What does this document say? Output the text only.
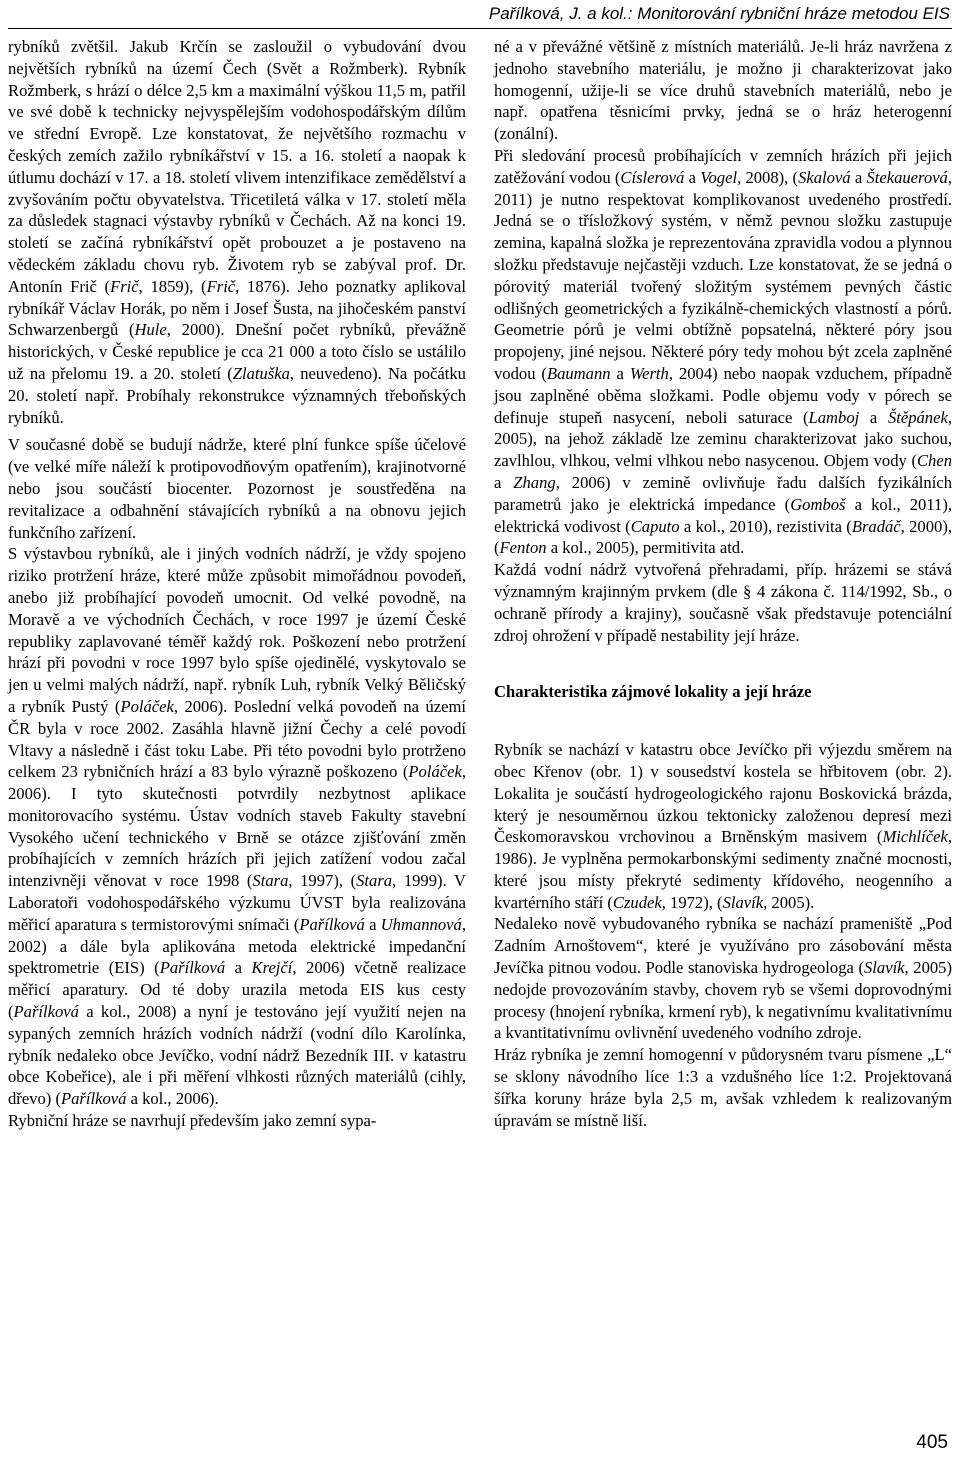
Pařílková, J. a kol.: Monitorování rybniční hráze metodou EIS

rybníků zvětšil. Jakub Krčín se zasloužil o vybudování dvou největších rybníků na území Čech (Svět a Rožmberk). Rybník Rožmberk, s hrází o délce 2,5 km a maximální výškou 11,5 m, patřil ve své době k technicky nejvyspělejším vodohospodářským dílům ve střední Evropě. Lze konstatovat, že největšího rozmachu v českých zemích zažilo rybníkářství v 15. a 16. století a naopak k útlumu dochází v 17. a 18. století vlivem intenzifikace zemědělství a zvyšováním počtu obyvatelstva. Třicetiletá válka v 17. století měla za důsledek stagnaci výstavby rybníků v Čechách. Až na konci 19. století se začíná rybníkářství opět probouzet a je postaveno na vědeckém základu chovu ryb. Životem ryb se zabýval prof. Dr. Antonín Frič (Frič, 1859), (Frič, 1876). Jeho poznatky aplikoval rybníkář Václav Horák, po něm i Josef Šusta, na jihočeském panství Schwarzenbergů (Hule, 2000). Dnešní počet rybníků, převážně historických, v České republice je cca 21 000 a toto číslo se ustálilo už na přelomu 19. a 20. století (Zlatuška, neuvedeno). Na počátku 20. století např. Probíhaly rekonstrukce významných třeboňských rybníků.

V současné době se budují nádrže, které plní funkce spíše účelové (ve velké míře náleží k protipovodňovým opatřením), krajinotvorné nebo jsou součástí biocenter. Pozornost je soustředěna na revitalizace a odbahnění stávajících rybníků a na obnovu jejich funkčního zařízení.

S výstavbou rybníků, ale i jiných vodních nádrží, je vždy spojeno riziko protržení hráze, které může způsobit mimořádnou povodeň, anebo již probíhající povodeň umocnit. Od velké povodně, na Moravě a ve východních Čechách, v roce 1997 je území České republiky zaplavované téměř každý rok. Poškození nebo protržení hrází při povodni v roce 1997 bylo spíše ojedinělé, vyskytovalo se jen u velmi malých nádrží, např. rybník Luh, rybník Velký Běličský a rybník Pustý (Poláček, 2006). Poslední velká povodeň na území ČR byla v roce 2002. Zasáhla hlavně jižní Čechy a celé povodí Vltavy a následně i část toku Labe. Při této povodni bylo protrženo celkem 23 rybničních hrází a 83 bylo výrazně poškozeno (Poláček, 2006). I tyto skutečnosti potvrdily nezbytnost aplikace monitorovacího systému. Ústav vodních staveb Fakulty stavební Vysokého učení technického v Brně se otázce zjišťování změn probíhajících v zemních hrázích při jejich zatížení vodou začal intenzivněji věnovat v roce 1998 (Stara, 1997), (Stara, 1999). V Laboratoři vodohospodářského výzkumu ÚVST byla realizována měřicí aparatura s termistorovými snímači (Pařílková a Uhmannová, 2002) a dále byla aplikována metoda elektrické impedanční spektrometrie (EIS) (Pařílková a Krejčí, 2006) včetně realizace měřicí aparatury. Od té doby urazila metoda EIS kus cesty (Pařílková a kol., 2008) a nyní je testováno její využití nejen na sypaných zemních hrázích vodních nádrží (vodní dílo Karolínka, rybník nedaleko obce Jevíčko, vodní nádrž Bezedník III. v katastru obce Kobeřice), ale i při měření vlhkosti různých materiálů (cihly, dřevo) (Pařílková a kol., 2006).

Rybniční hráze se navrhují především jako zemní sypa-

né a v převážné většině z místních materiálů. Je-li hráz navržena z jednoho stavebního materiálu, je možno ji charakterizovat jako homogenní, užije-li se více druhů stavebních materiálů, nebo je např. opatřena těsnicími prvky, jedná se o hráz heterogenní (zonální).

Při sledování procesů probíhajících v zemních hrázích při jejich zatěžování vodou (Císlerová a Vogel, 2008), (Skalová a Štekauerová, 2011) je nutno respektovat komplikovanost uvedeného prostředí. Jedná se o třísložkový systém, v němž pevnou složku zastupuje zemina, kapalná složka je reprezentována zpravidla vodou a plynnou složku představuje nejčastěji vzduch. Lze konstatovat, že se jedná o pórovitý materiál tvořený složitým systémem pevných částic odlišných geometrických a fyzikálně-chemických vlastností a pórů. Geometrie pórů je velmi obtížně popsatelná, některé póry jsou propojeny, jiné nejsou. Některé póry tedy mohou být zcela zaplněné vodou (Baumann a Werth, 2004) nebo naopak vzduchem, případně jsou zaplněné oběma složkami. Podle objemu vody v pórech se definuje stupeň nasycení, neboli saturace (Lamboj a Štěpánek, 2005), na jehož základě lze zeminu charakterizovat jako suchou, zavlhlou, vlhkou, velmi vlhkou nebo nasycenou. Objem vody (Chen a Zhang, 2006) v zemině ovlivňuje řadu dalších fyzikálních parametrů jako je elektrická impedance (Gomboš a kol., 2011), elektrická vodivost (Caputo a kol., 2010), rezistivita (Bradáč, 2000), (Fenton a kol., 2005), permitivita atd.

Každá vodní nádrž vytvořená přehradami, příp. hrázemi se stává významným krajinným prvkem (dle § 4 zákona č. 114/1992, Sb., o ochraně přírody a krajiny), současně však představuje potenciální zdroj ohrožení v případě nestability její hráze.

Charakteristika zájmové lokality a její hráze

Rybník se nachází v katastru obce Jevíčko při výjezdu směrem na obec Křenov (obr. 1) v sousedství kostela se hřbitovem (obr. 2). Lokalita je součástí hydrogeologického rajonu Boskovická brázda, který je nesouměrnou úzkou tektonicky založenou depresí mezi Českomoravskou vrchovinou a Brněnským masivem (Michlíček, 1986). Je vyplněna permokarbonskými sedimenty značné mocnosti, které jsou místy překryté sedimenty křídového, neogenního a kvartérního stáří (Czudek, 1972), (Slavík, 2005).

Nedaleko nově vybudovaného rybníka se nachází prameniště „Pod Zadním Arnoštovem“, které je využíváno pro zásobování města Jevíčka pitnou vodou. Podle stanoviska hydrogeologa (Slavík, 2005) nedojde provozováním stavby, chovem ryb se všemi doprovodnými procesy (hnojení rybníka, krmení ryb), k negativnímu kvalitativnímu a kvantitativnímu ovlivnění uvedeného vodního zdroje.

Hráz rybníka je zemní homogenní v půdorysném tvaru písmene „L“ se sklony návodního líce 1:3 a vzdušného líce 1:2. Projektovaná šířka koruny hráze byla 2,5 m, avšak vzhledem k realizovaným úpravám se místně liší.

405
